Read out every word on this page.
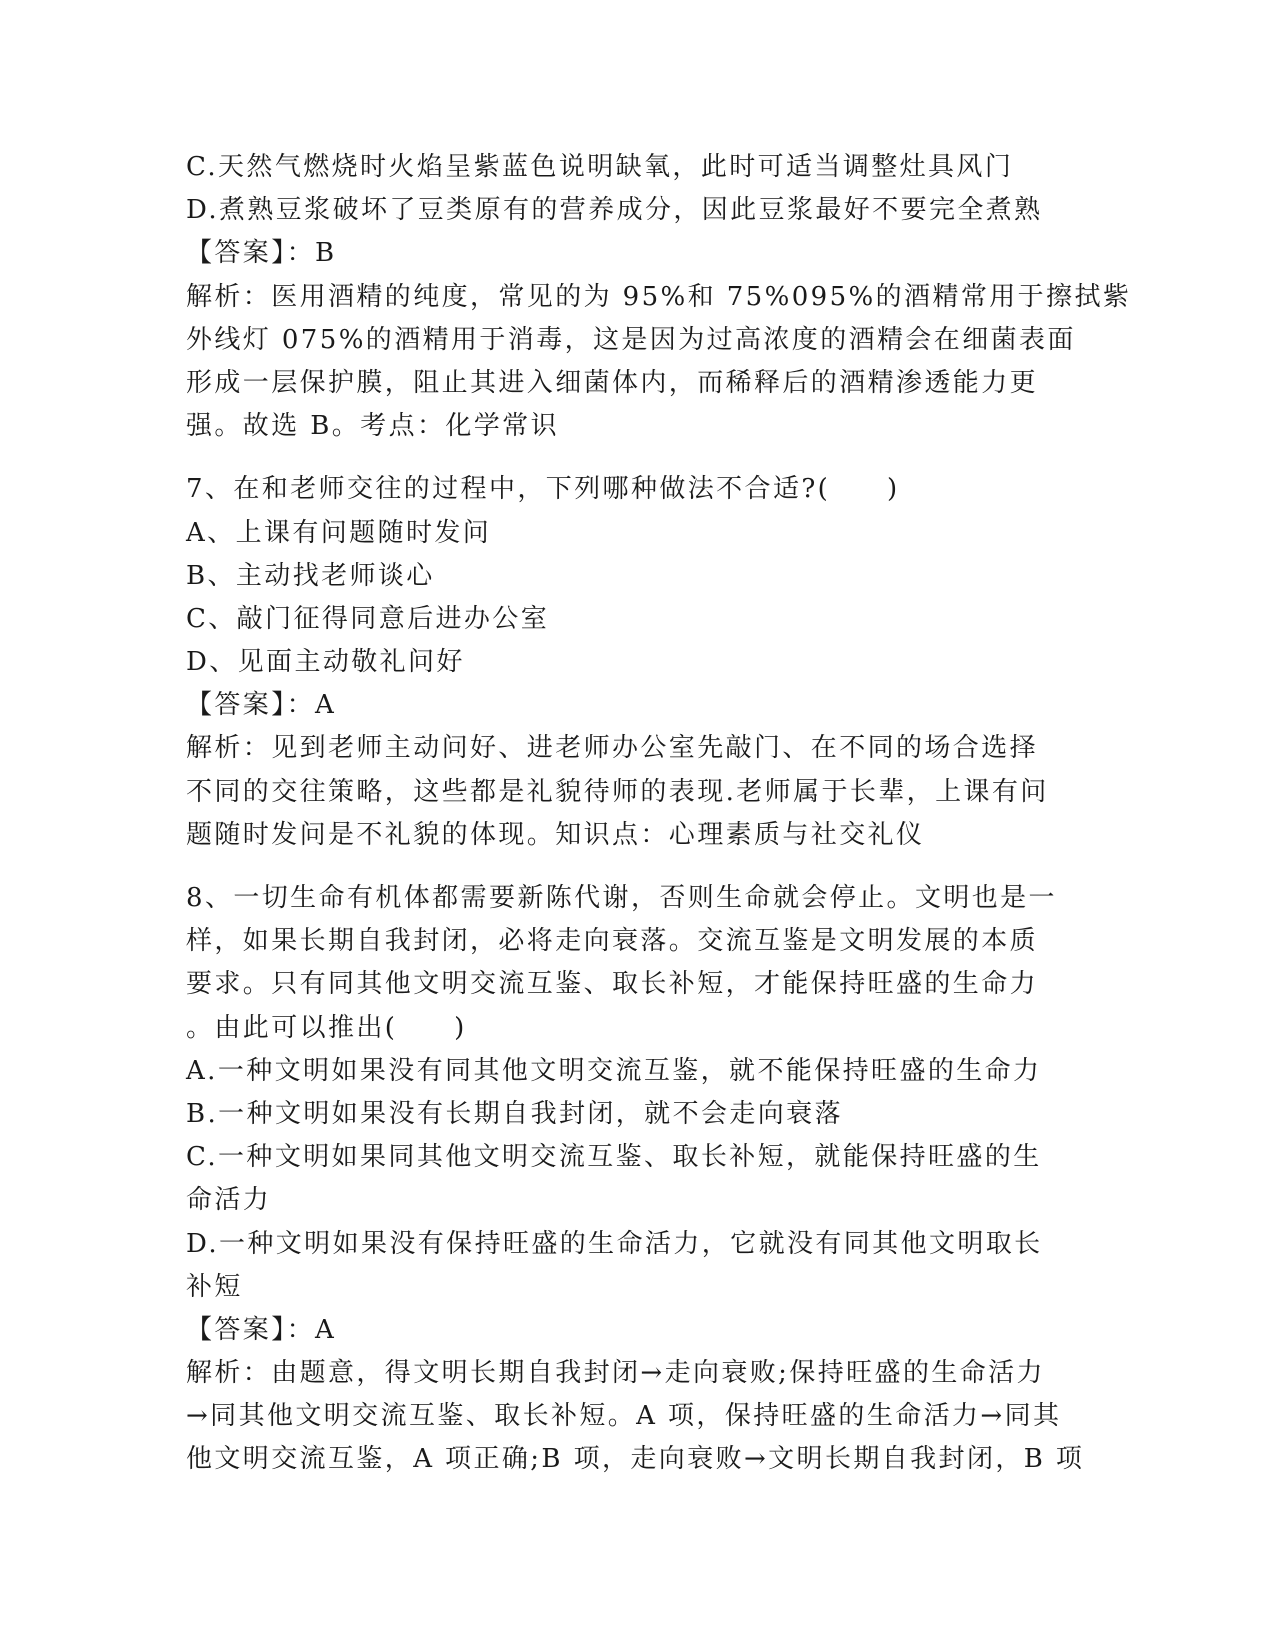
C.天然气燃烧时火焰呈紫蓝色说明缺氧，此时可适当调整灶具风门
D.煮熟豆浆破坏了豆类原有的营养成分，因此豆浆最好不要完全煮熟
【答案】：B
解析：医用酒精的纯度，常见的为 95%和 75%095%的酒精常用于擦拭紫
外线灯 075%的酒精用于消毒，这是因为过高浓度的酒精会在细菌表面
形成一层保护膜，阻止其进入细菌体内，而稀释后的酒精渗透能力更
强。故选 B。考点：化学常识
7、在和老师交往的过程中，下列哪种做法不合适?(　　)
A、上课有问题随时发问
B、主动找老师谈心
C、敲门征得同意后进办公室
D、见面主动敬礼问好
【答案】：A
解析：见到老师主动问好、进老师办公室先敲门、在不同的场合选择
不同的交往策略，这些都是礼貌待师的表现.老师属于长辈，上课有问
题随时发问是不礼貌的体现。知识点：心理素质与社交礼仪
8、一切生命有机体都需要新陈代谢，否则生命就会停止。文明也是一
样，如果长期自我封闭，必将走向衰落。交流互鉴是文明发展的本质
要求。只有同其他文明交流互鉴、取长补短，才能保持旺盛的生命力
。由此可以推出(　　)
A.一种文明如果没有同其他文明交流互鉴，就不能保持旺盛的生命力
B.一种文明如果没有长期自我封闭，就不会走向衰落
C.一种文明如果同其他文明交流互鉴、取长补短，就能保持旺盛的生
命活力
D.一种文明如果没有保持旺盛的生命活力，它就没有同其他文明取长
补短
【答案】：A
解析：由题意，得文明长期自我封闭→走向衰败;保持旺盛的生命活力
→同其他文明交流互鉴、取长补短。A 项，保持旺盛的生命活力→同其
他文明交流互鉴，A 项正确;B 项，走向衰败→文明长期自我封闭，B 项
